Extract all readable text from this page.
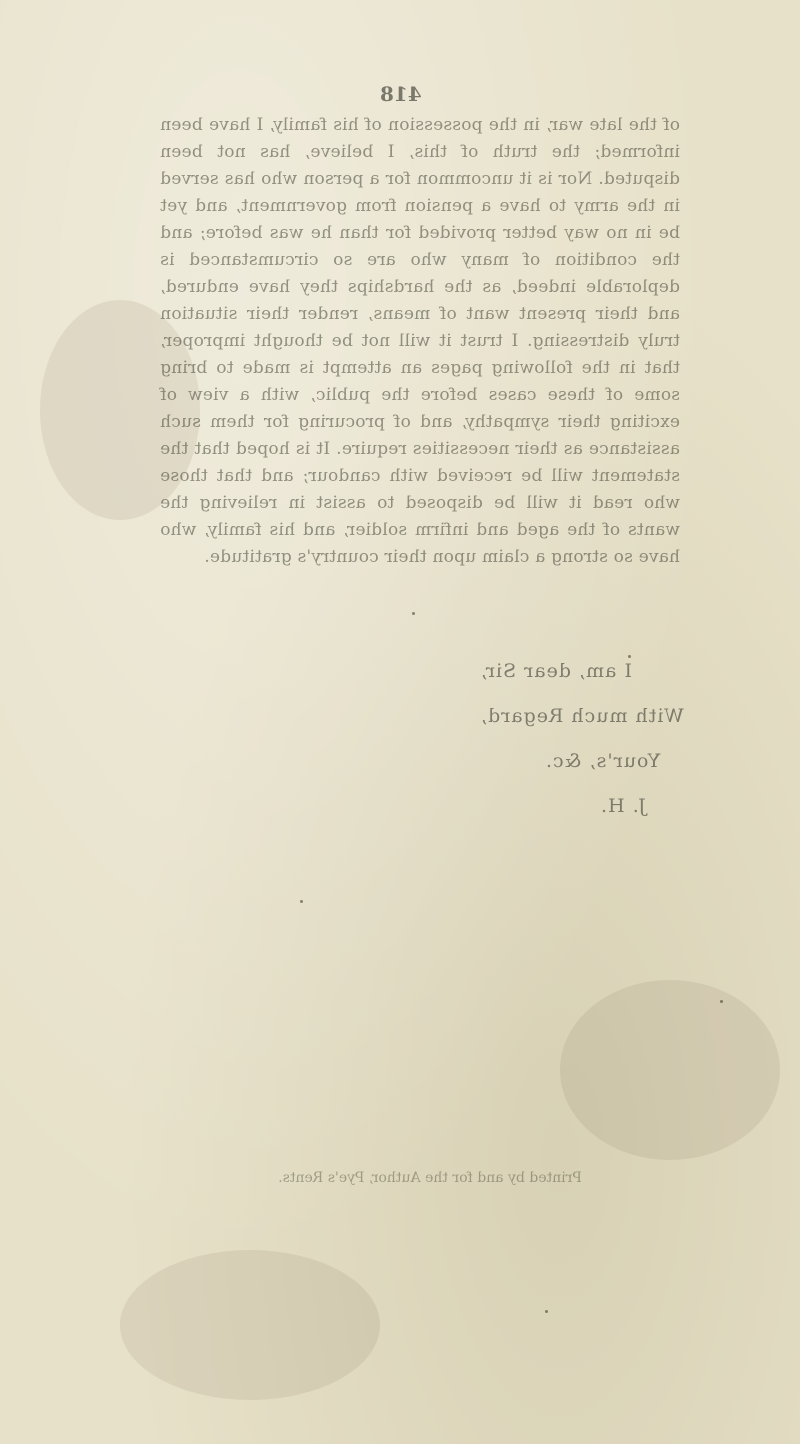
418
of the late war, in the possession of his family, I have been informed; the truth of this, I believe, has not been disputed. Nor is it uncommon for a person who has served in the army to have a pension from government, and yet be in no way better provided for than he was before; and the condition of many who are so circumstanced is deplorable indeed, as the hardships they have endured, and their present want of means, render their situation truly distressing. I trust it will not be thought improper, that in the following pages an attempt is made to bring some of these cases before the public, with a view of exciting their sympathy, and of procuring for them such assistance as their necessities require. It is hoped that the statement will be received with candour; and that those who read it will be disposed to assist in relieving the wants of the aged and infirm soldier, and his family, who have so strong a claim upon their country's gratitude.
I am, dear Sir,
With much Regard,
Your's, &c.
J. H.
Printed by and for the Author, Pye's Rents.
